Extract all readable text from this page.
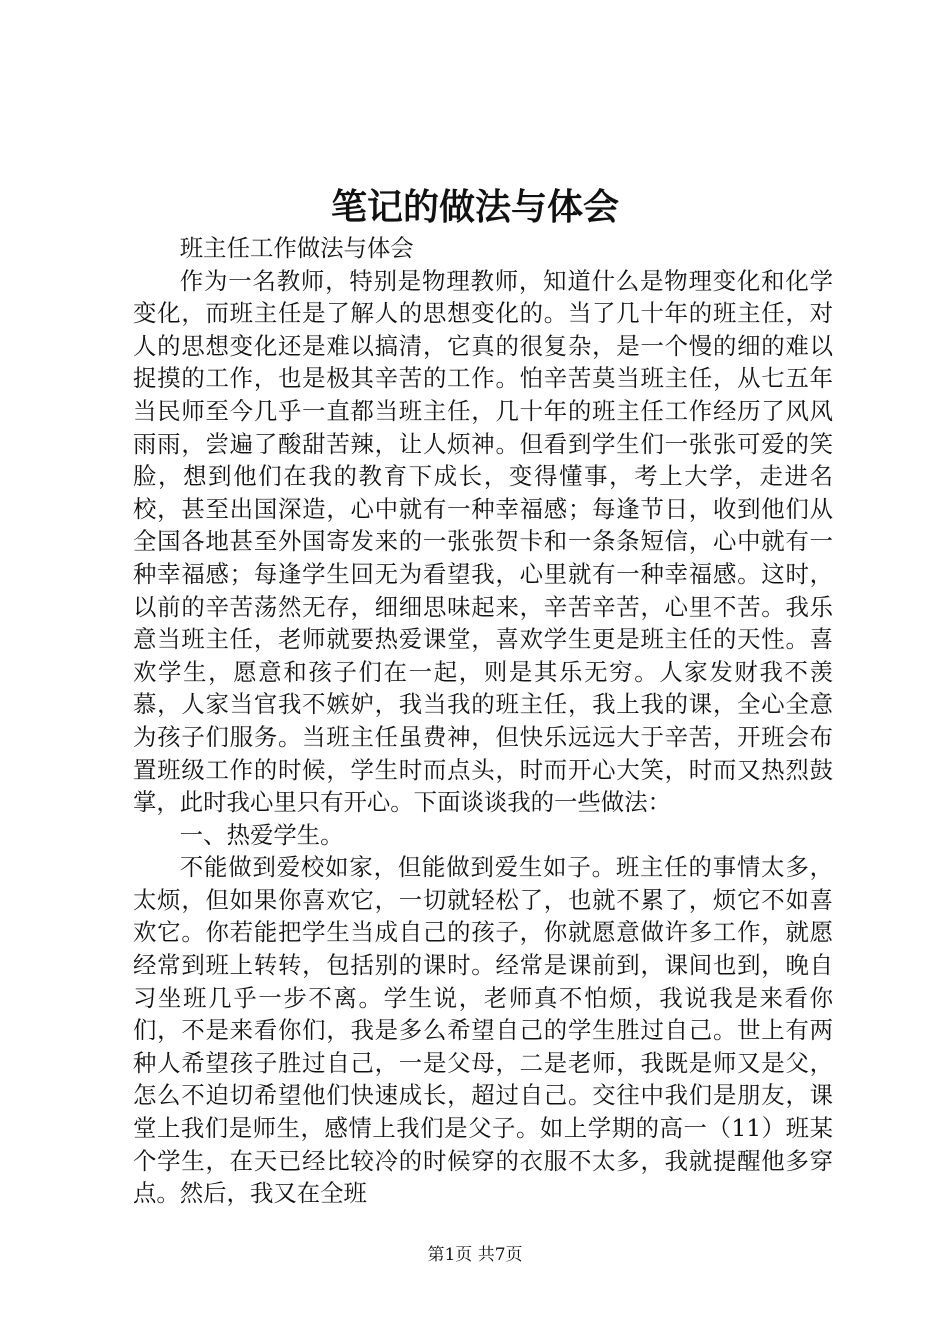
笔记的做法与体会

班主任工作做法与体会

作为一名教师，特别是物理教师，知道什么是物理变化和化学变化，而班主任是了解人的思想变化的。当了几十年的班主任，对人的思想变化还是难以搞清，它真的很复杂，是一个慢的细的难以捉摸的工作，也是极其辛苦的工作。怕辛苦莫当班主任，从七五年当民师至今几乎一直都当班主任，几十年的班主任工作经历了风风雨雨，尝遍了酸甜苦辣，让人烦神。但看到学生们一张张可爱的笑脸，想到他们在我的教育下成长，变得懂事，考上大学，走进名校，甚至出国深造，心中就有一种幸福感；每逢节日，收到他们从全国各地甚至外国寄发来的一张张贺卡和一条条短信，心中就有一种幸福感；每逢学生回无为看望我，心里就有一种幸福感。这时，以前的辛苦荡然无存，细细思味起来，辛苦辛苦，心里不苦。我乐意当班主任，老师就要热爱课堂，喜欢学生更是班主任的天性。喜欢学生，愿意和孩子们在一起，则是其乐无穷。人家发财我不羡慕，人家当官我不嫉妒，我当我的班主任，我上我的课，全心全意为孩子们服务。当班主任虽费神，但快乐远远大于辛苦，开班会布置班级工作的时候，学生时而点头，时而开心大笑，时而又热烈鼓掌，此时我心里只有开心。下面谈谈我的一些做法：

一、热爱学生。

不能做到爱校如家，但能做到爱生如子。班主任的事情太多，太烦，但如果你喜欢它，一切就轻松了，也就不累了，烦它不如喜欢它。你若能把学生当成自己的孩子，你就愿意做许多工作，就愿经常到班上转转，包括别的课时。经常是课前到，课间也到，晚自习坐班几乎一步不离。学生说，老师真不怕烦，我说我是来看你们，不是来看你们，我是多么希望自己的学生胜过自己。世上有两种人希望孩子胜过自己，一是父母，二是老师，我既是师又是父，怎么不迫切希望他们快速成长，超过自己。交往中我们是朋友，课堂上我们是师生，感情上我们是父子。如上学期的高一（11）班某个学生，在天已经比较冷的时候穿的衣服不太多，我就提醒他多穿点。然后，我又在全班

第1页 共7页
